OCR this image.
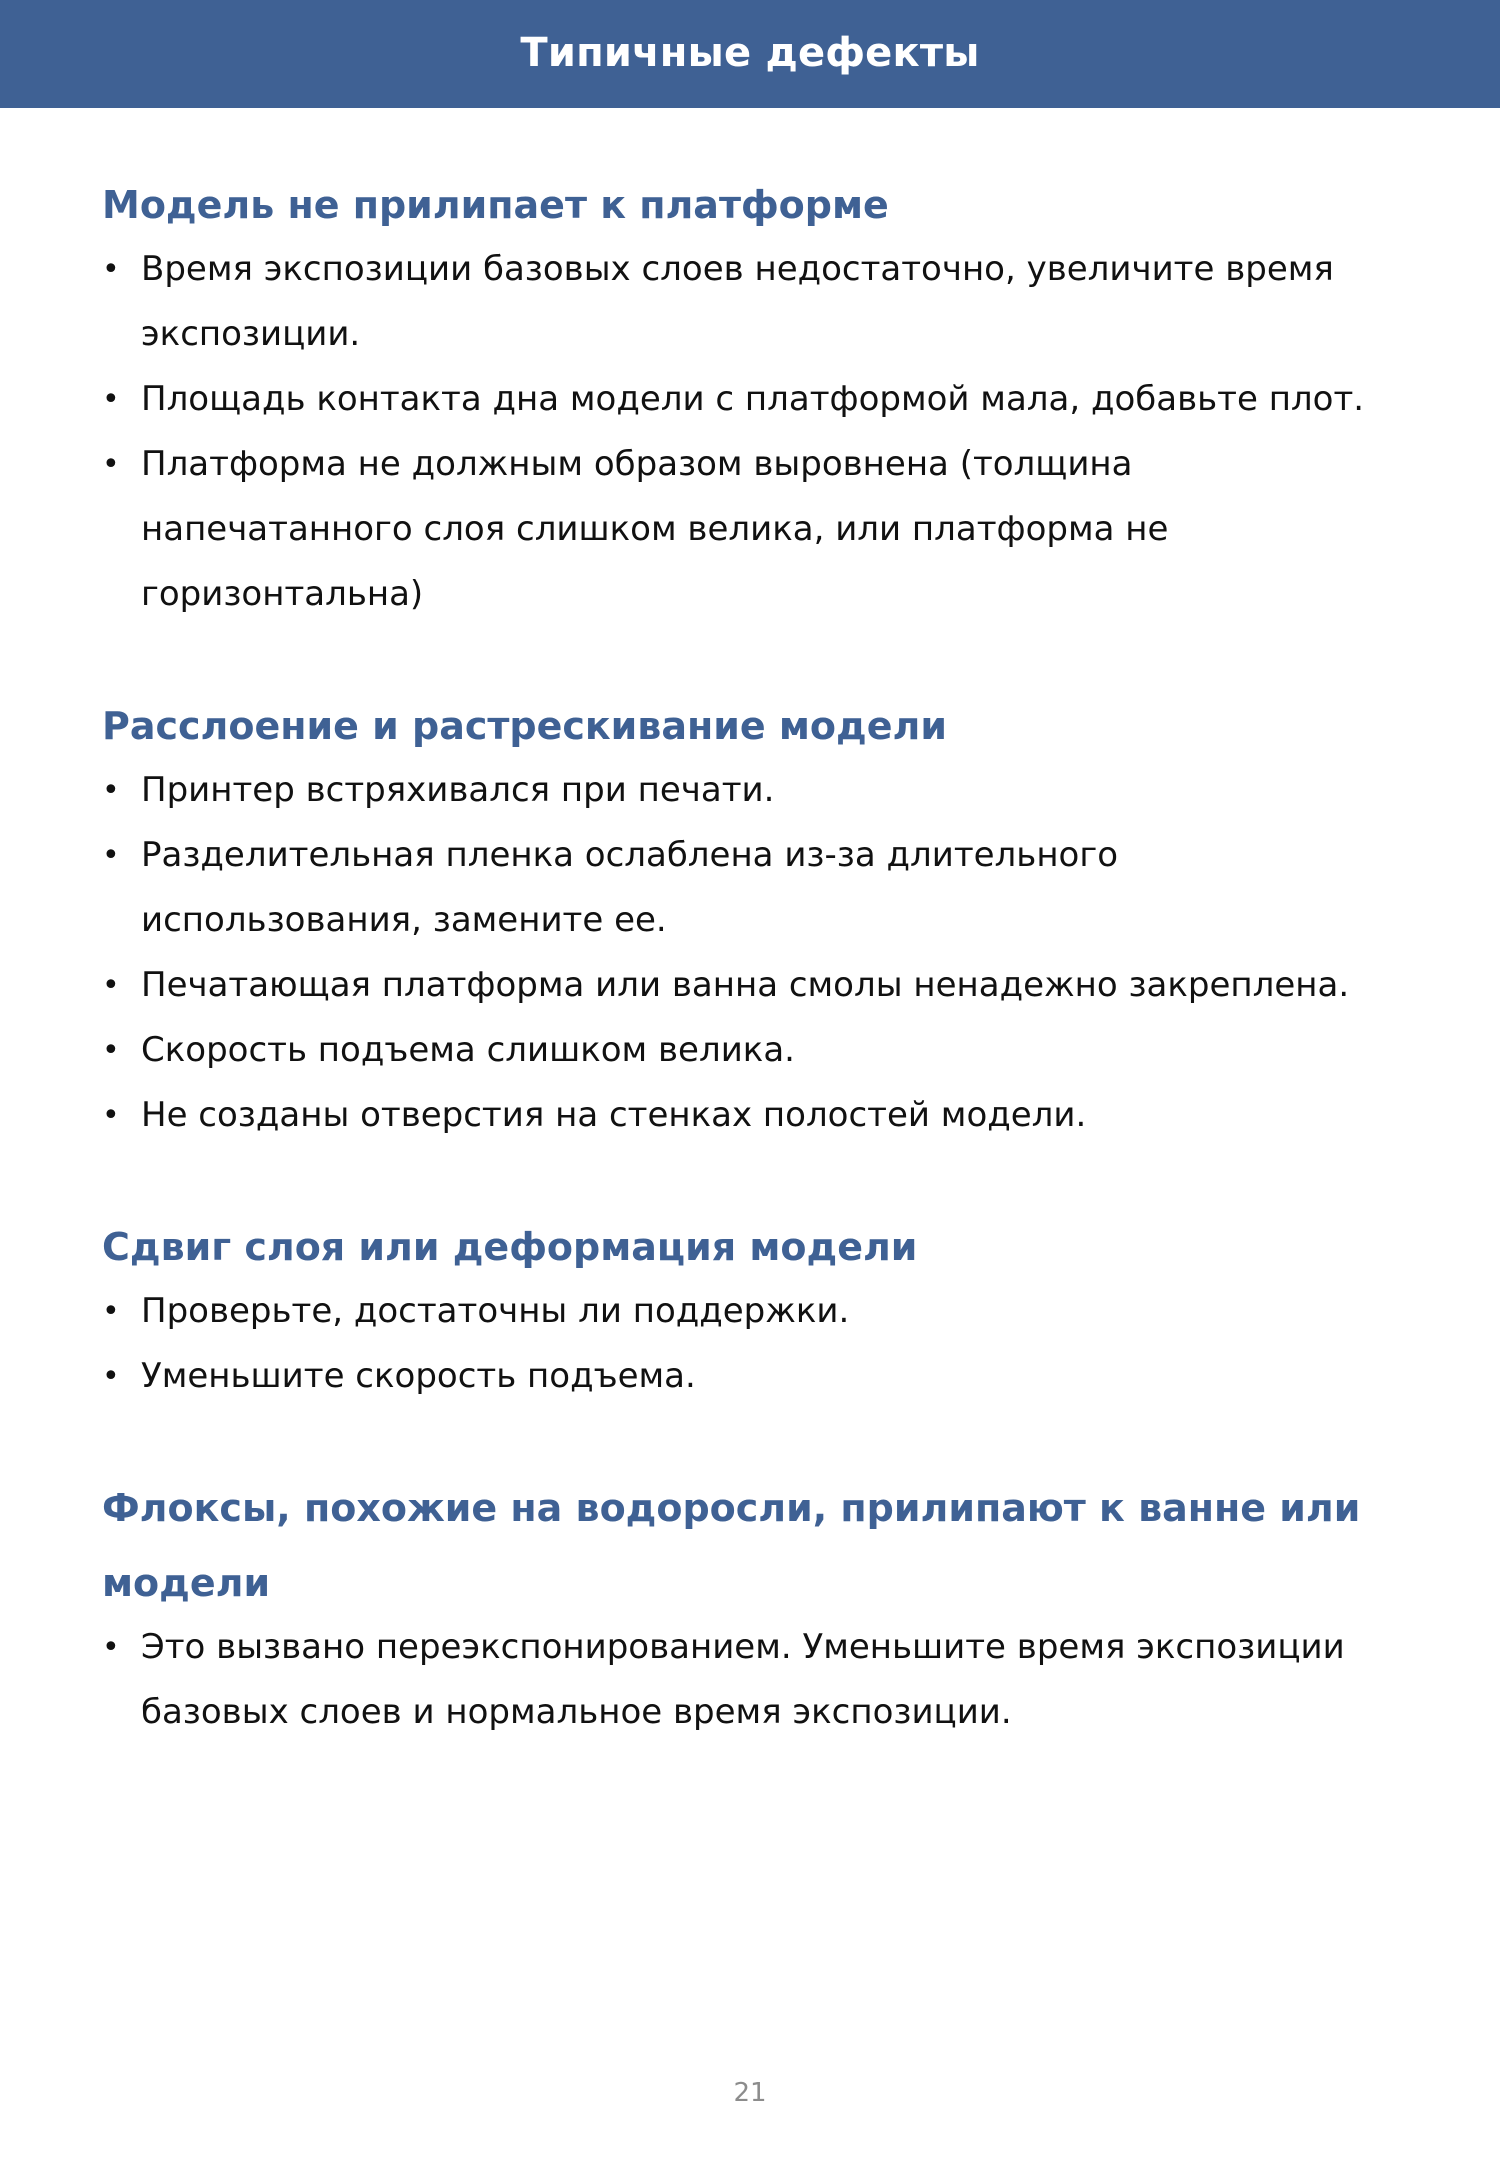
Типичные дефекты
Модель не прилипает к платформе
• Время экспозиции базовых слоев недостаточно, увеличите время экспозиции.
• Площадь контакта дна модели с платформой мала, добавьте плот.
• Платформа не должным образом выровнена (толщина напечатанного слоя слишком велика, или платформа не горизонтальна)
Расслоение и растрескивание модели
• Принтер встряхивался при печати.
• Разделительная пленка ослаблена из-за длительного использования, замените ее.
• Печатающая платформа или ванна смолы ненадежно закреплена.
• Скорость подъема слишком велика.
• Не созданы отверстия на стенках полостей модели.
Сдвиг слоя или деформация модели
• Проверьте, достаточны ли поддержки.
• Уменьшите скорость подъема.
Флоксы, похожие на водоросли, прилипают к ванне или модели
• Это вызвано переэкспонированием. Уменьшите время экспозиции базовых слоев и нормальное время экспозиции.
21
